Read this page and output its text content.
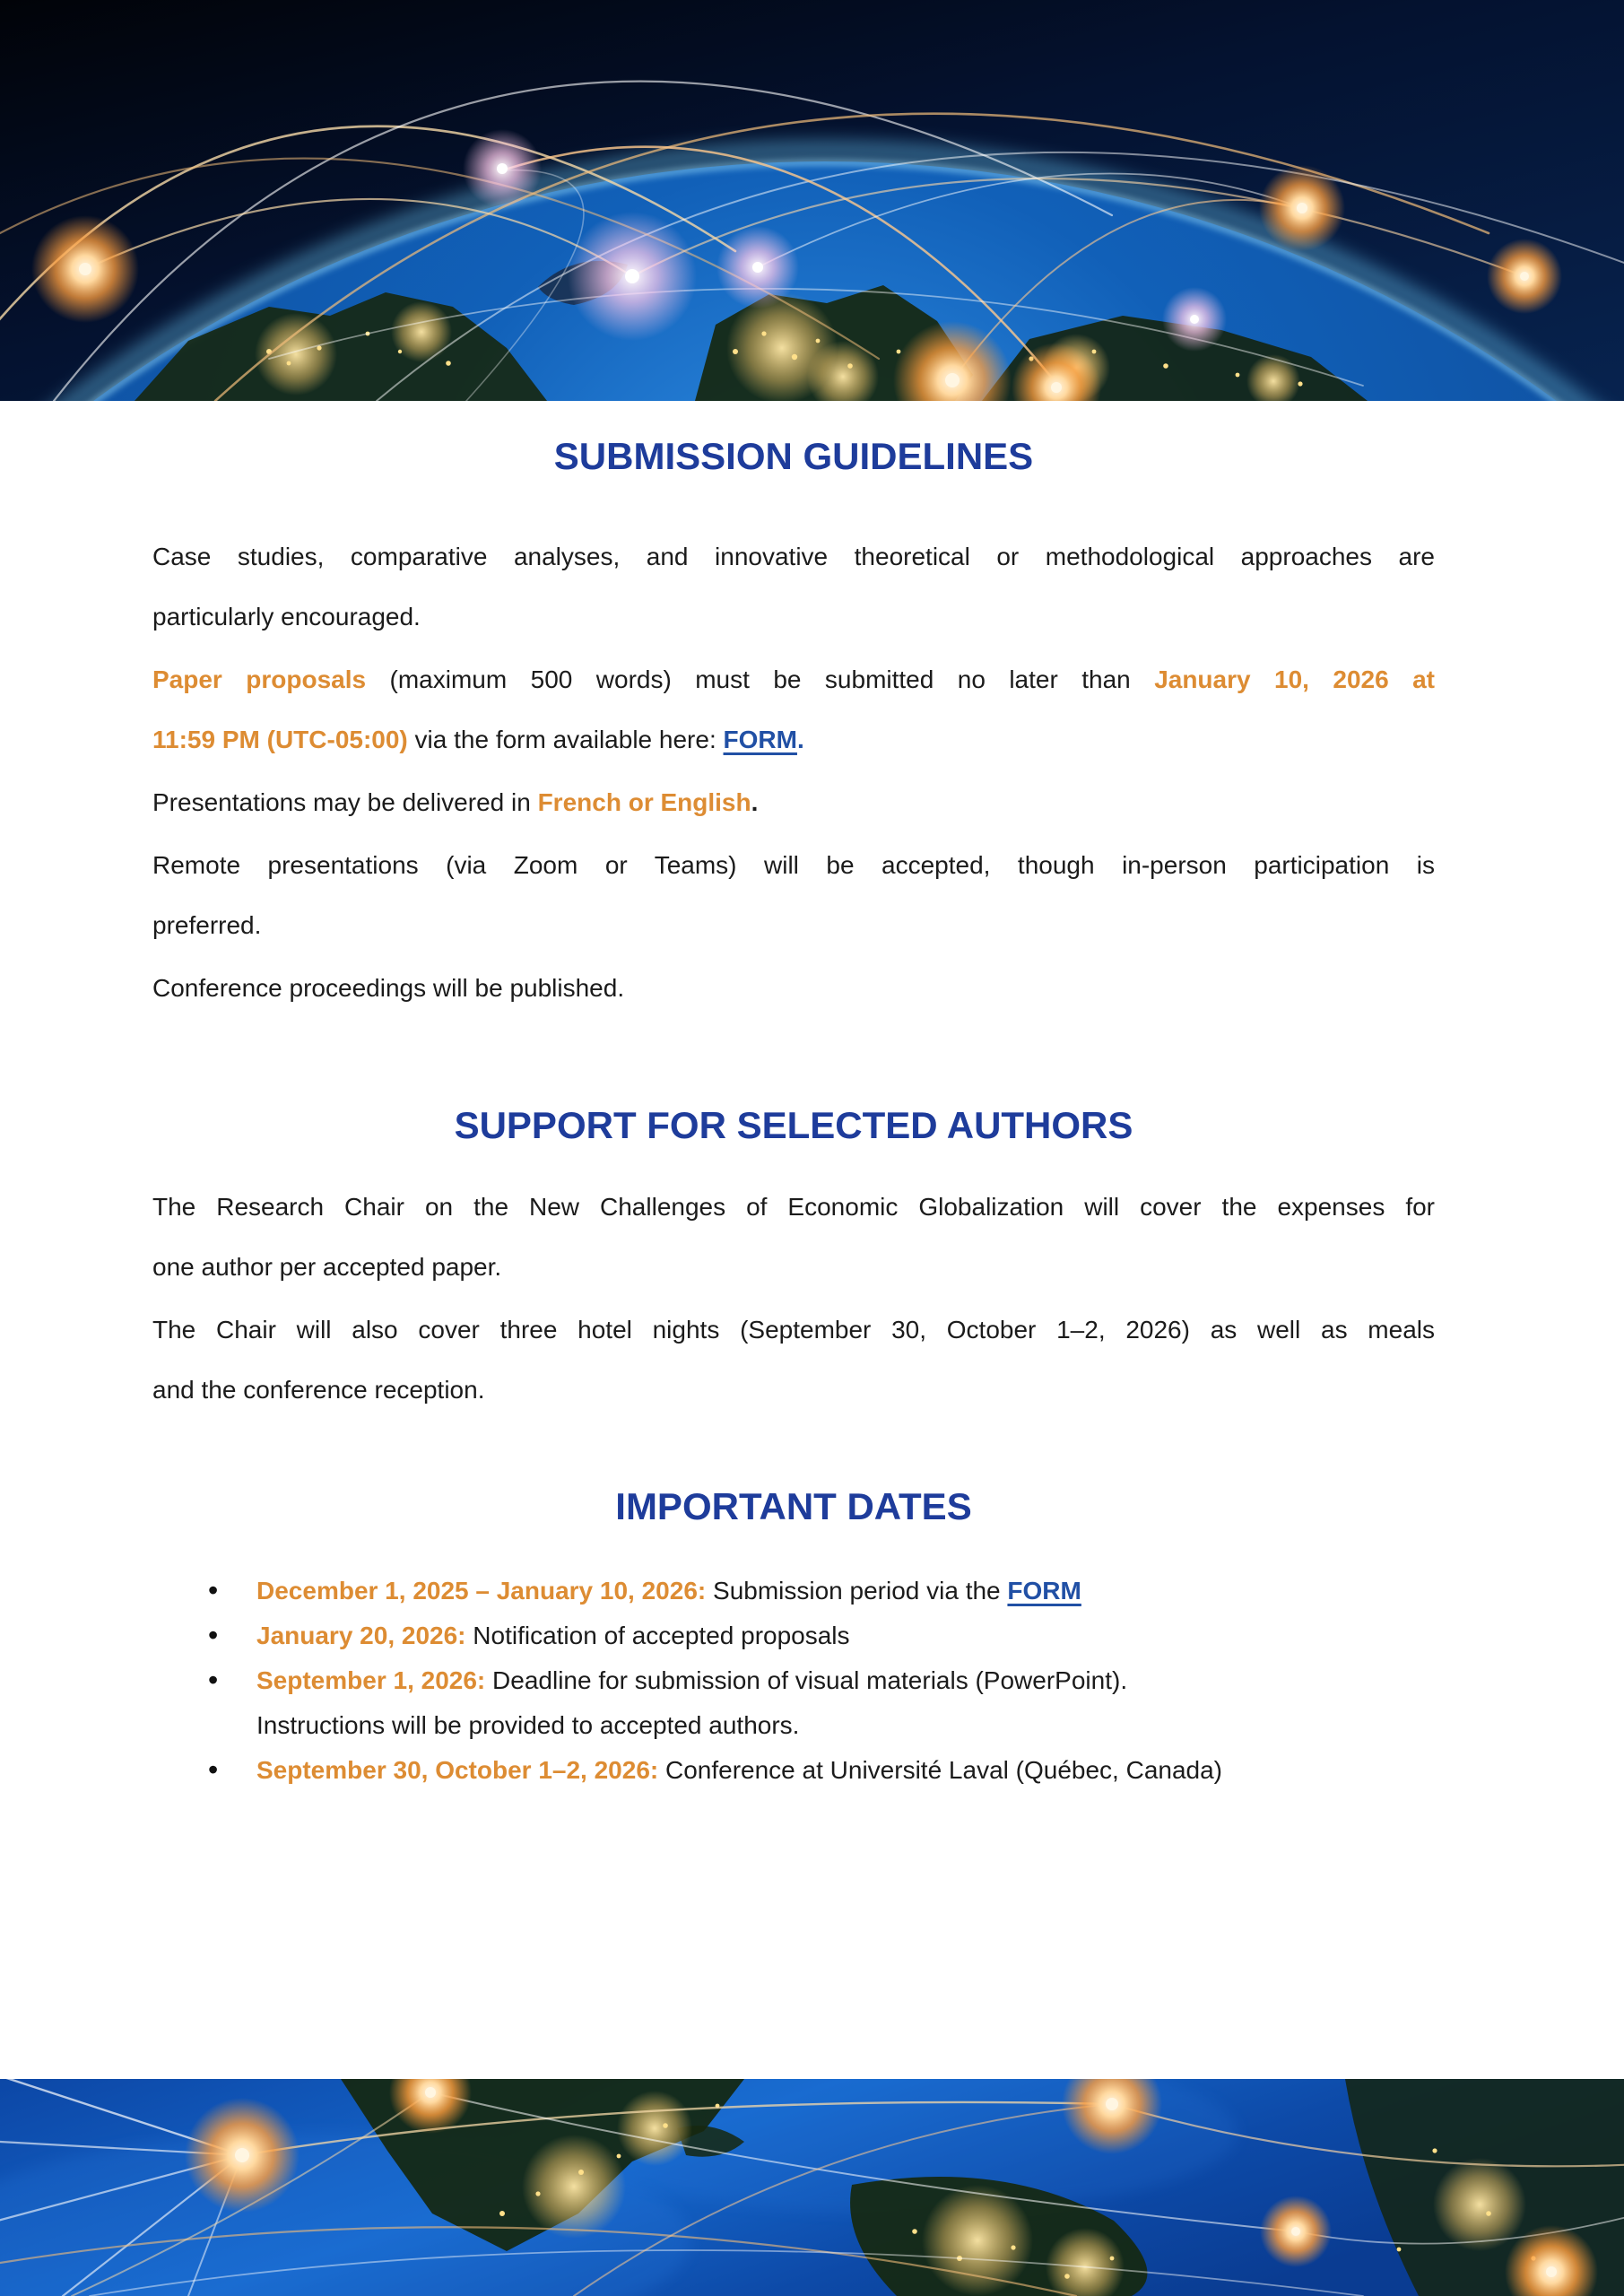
SUBMISSION GUIDELINES

Case studies, comparative analyses, and innovative theoretical or methodological approaches are
particularly encouraged.

Paper proposals (maximum 500 words) must be submitted no later than January 10, 2026 at
11:59 PM (UTC-05:00) via the form available here: FORM.

Presentations may be delivered in French or English.

Remote presentations (via Zoom or Teams) will be accepted, though in-person participation is
preferred.

Conference proceedings will be published.

SUPPORT FOR SELECTED AUTHORS

The Research Chair on the New Challenges of Economic Globalization will cover the expenses for
one author per accepted paper.

The Chair will also cover three hotel nights (September 30, October 1–2, 2026) as well as meals
and the conference reception.

IMPORTANT DATES
• December 1, 2025 – January 10, 2026: Submission period via the FORM
• January 20, 2026: Notification of accepted proposals
• September 1, 2026: Deadline for submission of visual materials (PowerPoint).
Instructions will be provided to accepted authors.
• September 30, October 1–2, 2026: Conference at Université Laval (Québec, Canada)
